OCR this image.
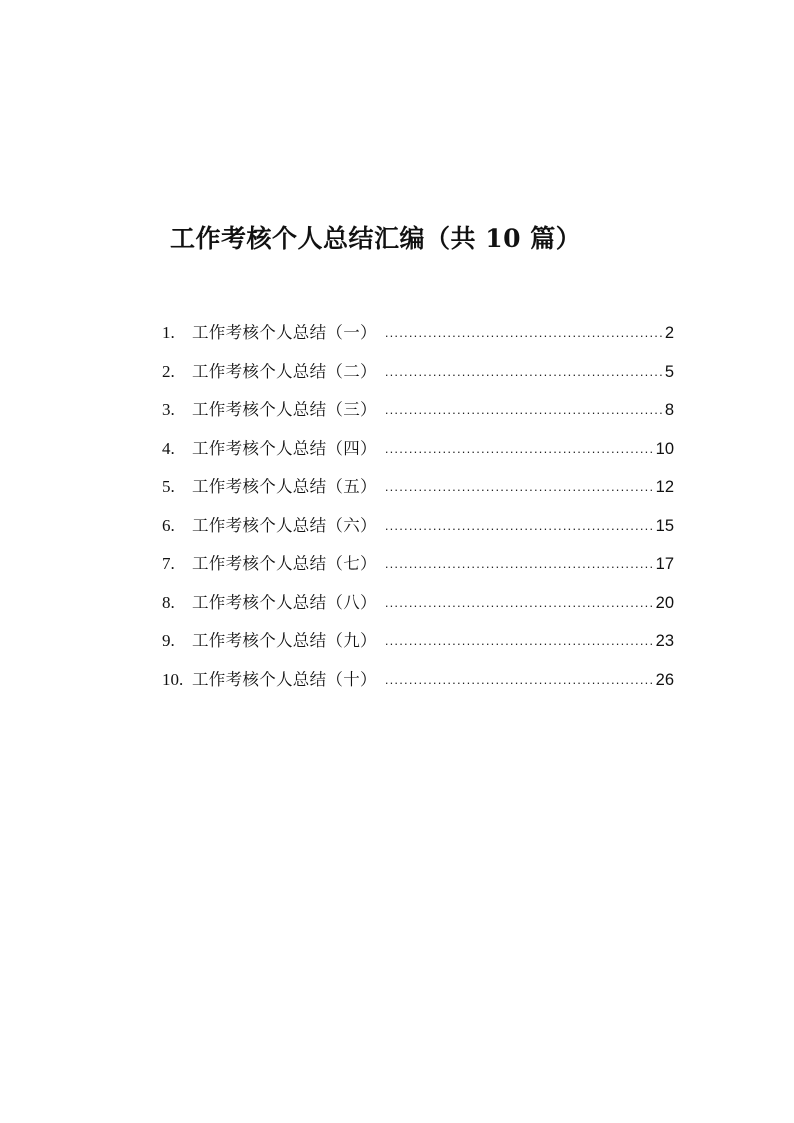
工作考核个人总结汇编（共 10 篇）
1.	工作考核个人总结（一） .....	2
2.	工作考核个人总结（二） .....	5
3.	工作考核个人总结（三） .....	8
4.	工作考核个人总结（四） .....	10
5.	工作考核个人总结（五） .....	12
6.	工作考核个人总结（六） .....	15
7.	工作考核个人总结（七） .....	17
8.	工作考核个人总结（八） .....	20
9.	工作考核个人总结（九） .....	23
10. 工作考核个人总结（十） .....	26
